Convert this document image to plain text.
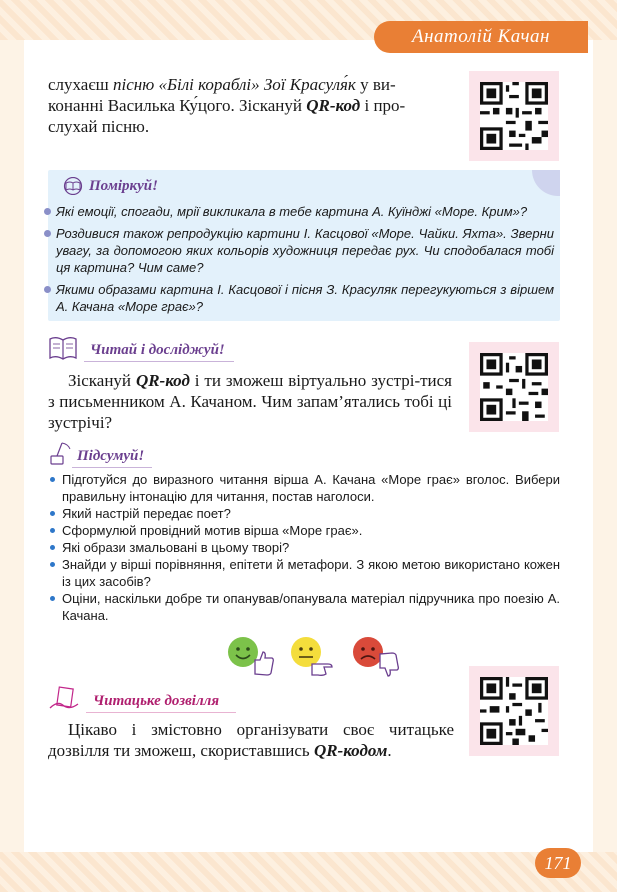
Анатолій Качан
слухаєш пісню «Білі кораблі» Зої Красуля́к у ви-
конанні Василька Ку́цого. Зіскануй QR-код і про-
слухай пісню.
Поміркуй!
Які емоції, спогади, мрії викликала в тебе картина А. Куїнджі «Море. Крим»?
Роздивися також репродукцію картини І. Касцової «Море. Чайки. Яхта». Зверни увагу, за допомогою яких кольорів художниця передає рух. Чи сподобалася тобі ця картина? Чим саме?
Якими образами картина І. Касцової і пісня З. Красуляк перегукуються з віршем А. Качана «Море грає»?
Читай і досліджуй!
Зіскануй QR-код і ти зможеш віртуально зустрі-тися з письменником А. Качаном. Чим запам’ятались тобі ці зустрічі?
Підсумуй!
Підготуйся до виразного читання вірша А. Качана «Море грає» вголос. Вибери правильну інтонацію для читання, постав наголоси.
Який настрій передає поет?
Сформулюй провідний мотив вірша «Море грає».
Які образи змальовані в цьому творі?
Знайди у вірші порівняння, епітети й метафори. З якою метою використано кожен із цих засобів?
Оціни, наскільки добре ти опанував/опанувала матеріал підручника про поезію А. Качана.
Читацьке дозвілля
Цікаво і змістовно організувати своє читацьке дозвілля ти зможеш, скориставшись QR-кодом.
171
